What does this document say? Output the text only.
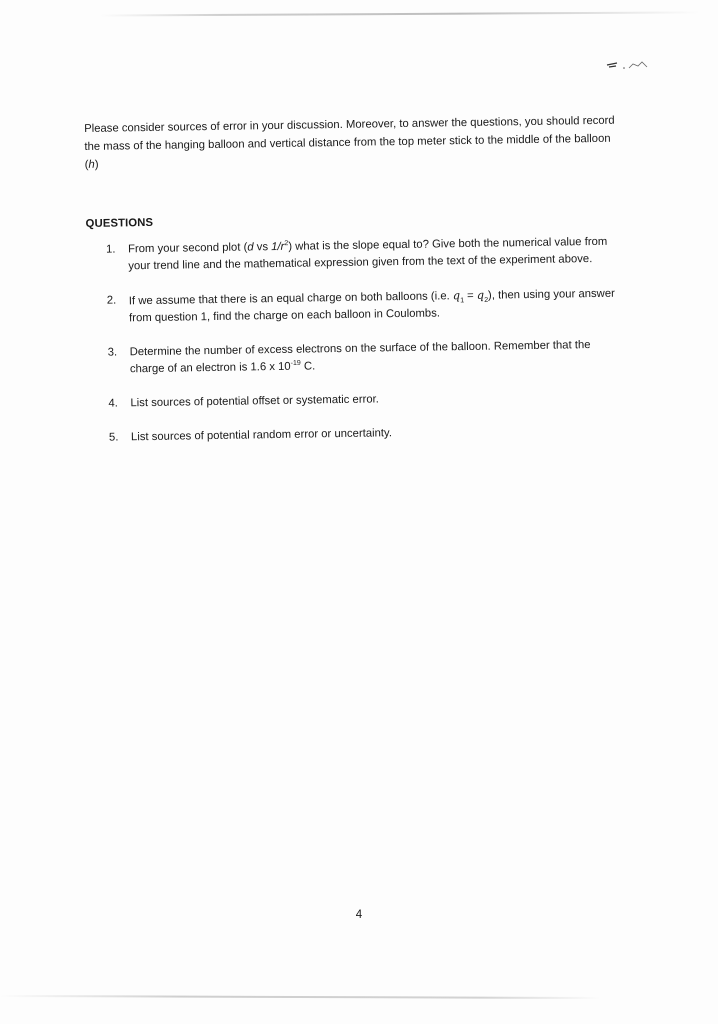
Please consider sources of error in your discussion. Moreover, to answer the questions, you should record the mass of the hanging balloon and vertical distance from the top meter stick to the middle of the balloon (h)

QUESTIONS
1. From your second plot (d vs $1/r^2$) what is the slope equal to? Give both the numerical value from your trend line and the mathematical expression given from the text of the experiment above.
2. If we assume that there is an equal charge on both balloons (i.e. $q_1 = q_2$), then using your answer from question 1, find the charge on each balloon in Coulombs.
3. Determine the number of excess electrons on the surface of the balloon. Remember that the charge of an electron is 1.6 x $10^{-19}$ C.
4. List sources of potential offset or systematic error.
5. List sources of potential random error or uncertainty.
4
